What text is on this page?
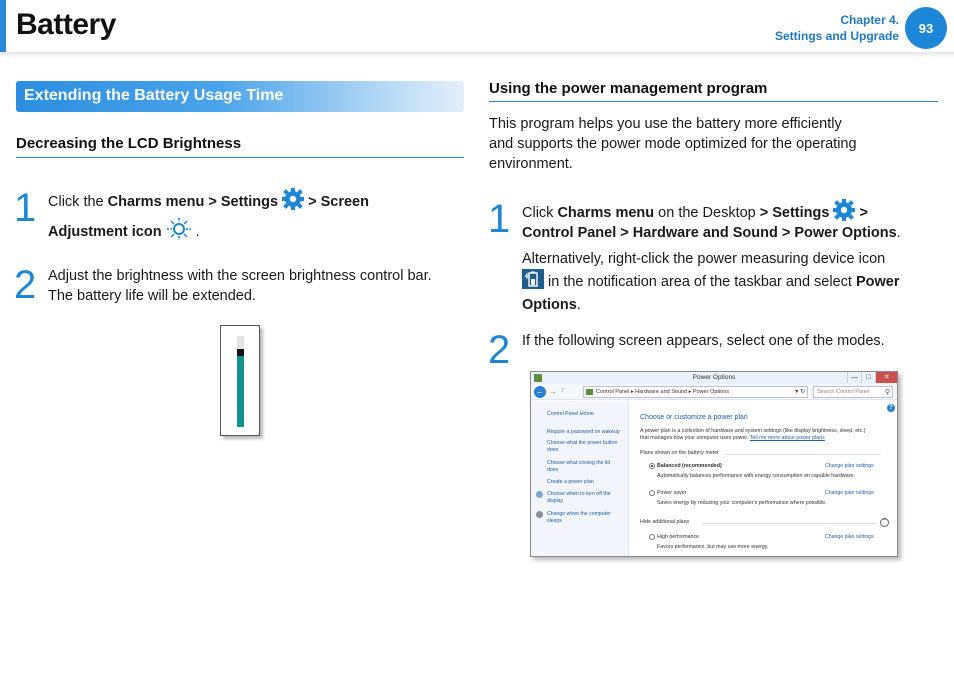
Battery	Chapter 4.
Settings and Upgrade
93
Extending the Battery Usage Time
Decreasing the LCD Brightness
1 Click the Charms menu > Settings  > Screen
Adjustment icon  .
2 Adjust the brightness with the screen brightness control bar.
The battery life will be extended.
Using the power management program
This program helps you use the battery more efficiently
and supports the power mode optimized for the operating
environment.
1 Click Charms menu on the Desktop > Settings  >
Control Panel > Hardware and Sound > Power Options.
Alternatively, right-click the power measuring device icon
in the notification area of the taskbar and select Power
Options.
2 If the following screen appears, select one of the modes.
Power Options	—	□	✕
← → ↑	Control Panel ▸ Hardware and Sound ▸ Power Options	▾ ↻	Search Control Panel ⚲
Control Panel Home
Require a password on wakeup
Choose what the power button
does
Choose what closing the lid
does
Create a power plan
Choose when to turn off the
display
Change when the computer
sleeps
?
Choose or customize a power plan
A power plan is a collection of hardware and system settings (like display brightness, sleep, etc.)
that manages how your computer uses power. Tell me more about power plans
Plans shown on the battery meter
Balanced (recommended)	Change plan settings
Automatically balances performance with energy consumption on capable hardware.
Power saver	Change plan settings
Saves energy by reducing your computer's performance where possible.
Hide additional plans	⌃
High performance	Change plan settings
Favors performance, but may use more energy.
